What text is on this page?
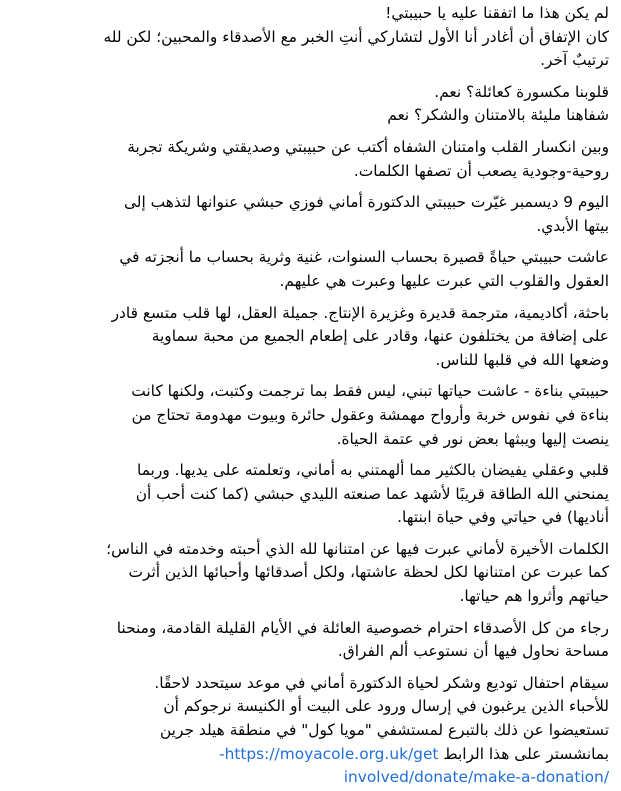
لم يكن هذا ما اتفقنا عليه يا حبيبتي!

كان الإتفاق أن أغادر أنا الأول لتشاركي أنتِ الخبر مع الأصدقاء والمحبين؛ لكن لله

ترتيبٌ آخر.

قلوبنا مكسورة كعائلة؟ نعم.

شفاهنا مليئة بالامتنان والشكر؟ نعم

وبين انكسار القلب وامتنان الشفاه أكتب عن حبيبتي وصديقتي وشريكة تجربة

روحية-وجودية يصعب أن تصفها الكلمات.

اليوم 9 ديسمبر غيّرت حبيبتي الدكتورة أماني فوزي حبشي عنوانها لتذهب إلى

بيتها الأبدي.

عاشت حبيبتي حياةً قصيرة بحساب السنوات، غنية وثرية بحساب ما أنجزته في

العقول والقلوب التي عبرت عليها وعبرت هي عليهم.

باحثة، أكاديمية، مترجمة قديرة وغزيرة الإنتاج. جميلة العقل، لها قلب متسع قادر

على إضافة من يختلفون عنها، وقادر على إطعام الجميع من محبة سماوية

وضعها الله في قلبها للناس.

حبيبتي بناءة - عاشت حياتها تبني، ليس فقط بما ترجمت وكتبت، ولكنها كانت

بناءة في نفوس خربة وأرواح مهمشة وعقول حائرة وبيوت مهدومة تحتاج من

ينصت إليها ويبثها بعض نور في عتمة الحياة.

قلبي وعقلي يفيضان بالكثير مما ألهمتني به أماني، وتعلمته على يديها. وربما

يمنحني الله الطاقة قريبًا لأشهد عما صنعته الليدي حبشي (كما كنت أحب أن

أناديها) في حياتي وفي حياة ابنتها.

الكلمات الأخيرة لأماني عبرت فيها عن امتنانها لله الذي أحبته وخدمته في الناس؛

كما عبرت عن امتنانها لكل لحظة عاشتها، ولكل أصدقائها وأحبائها الذين أثرت

حياتهم وأثروا هم حياتها.

رجاء من كل الأصدقاء احترام خصوصية العائلة في الأيام القليلة القادمة، ومنحنا

مساحة نحاول فيها أن نستوعب ألم الفراق.

سيقام احتفال توديع وشكر لحياة الدكتورة أماني في موعد سيتحدد لاحقًا.

للأحباء الذين يرغبون في إرسال ورود على البيت أو الكنيسة نرجوكم أن

تستعيضوا عن ذلك بالتبرع لمستشفي "مويا كول" في منطقة هيلد جرين

بمانشستر على هذا الرابط https://moyacole.org.uk/get-

/involved/donate/make-a-donation
